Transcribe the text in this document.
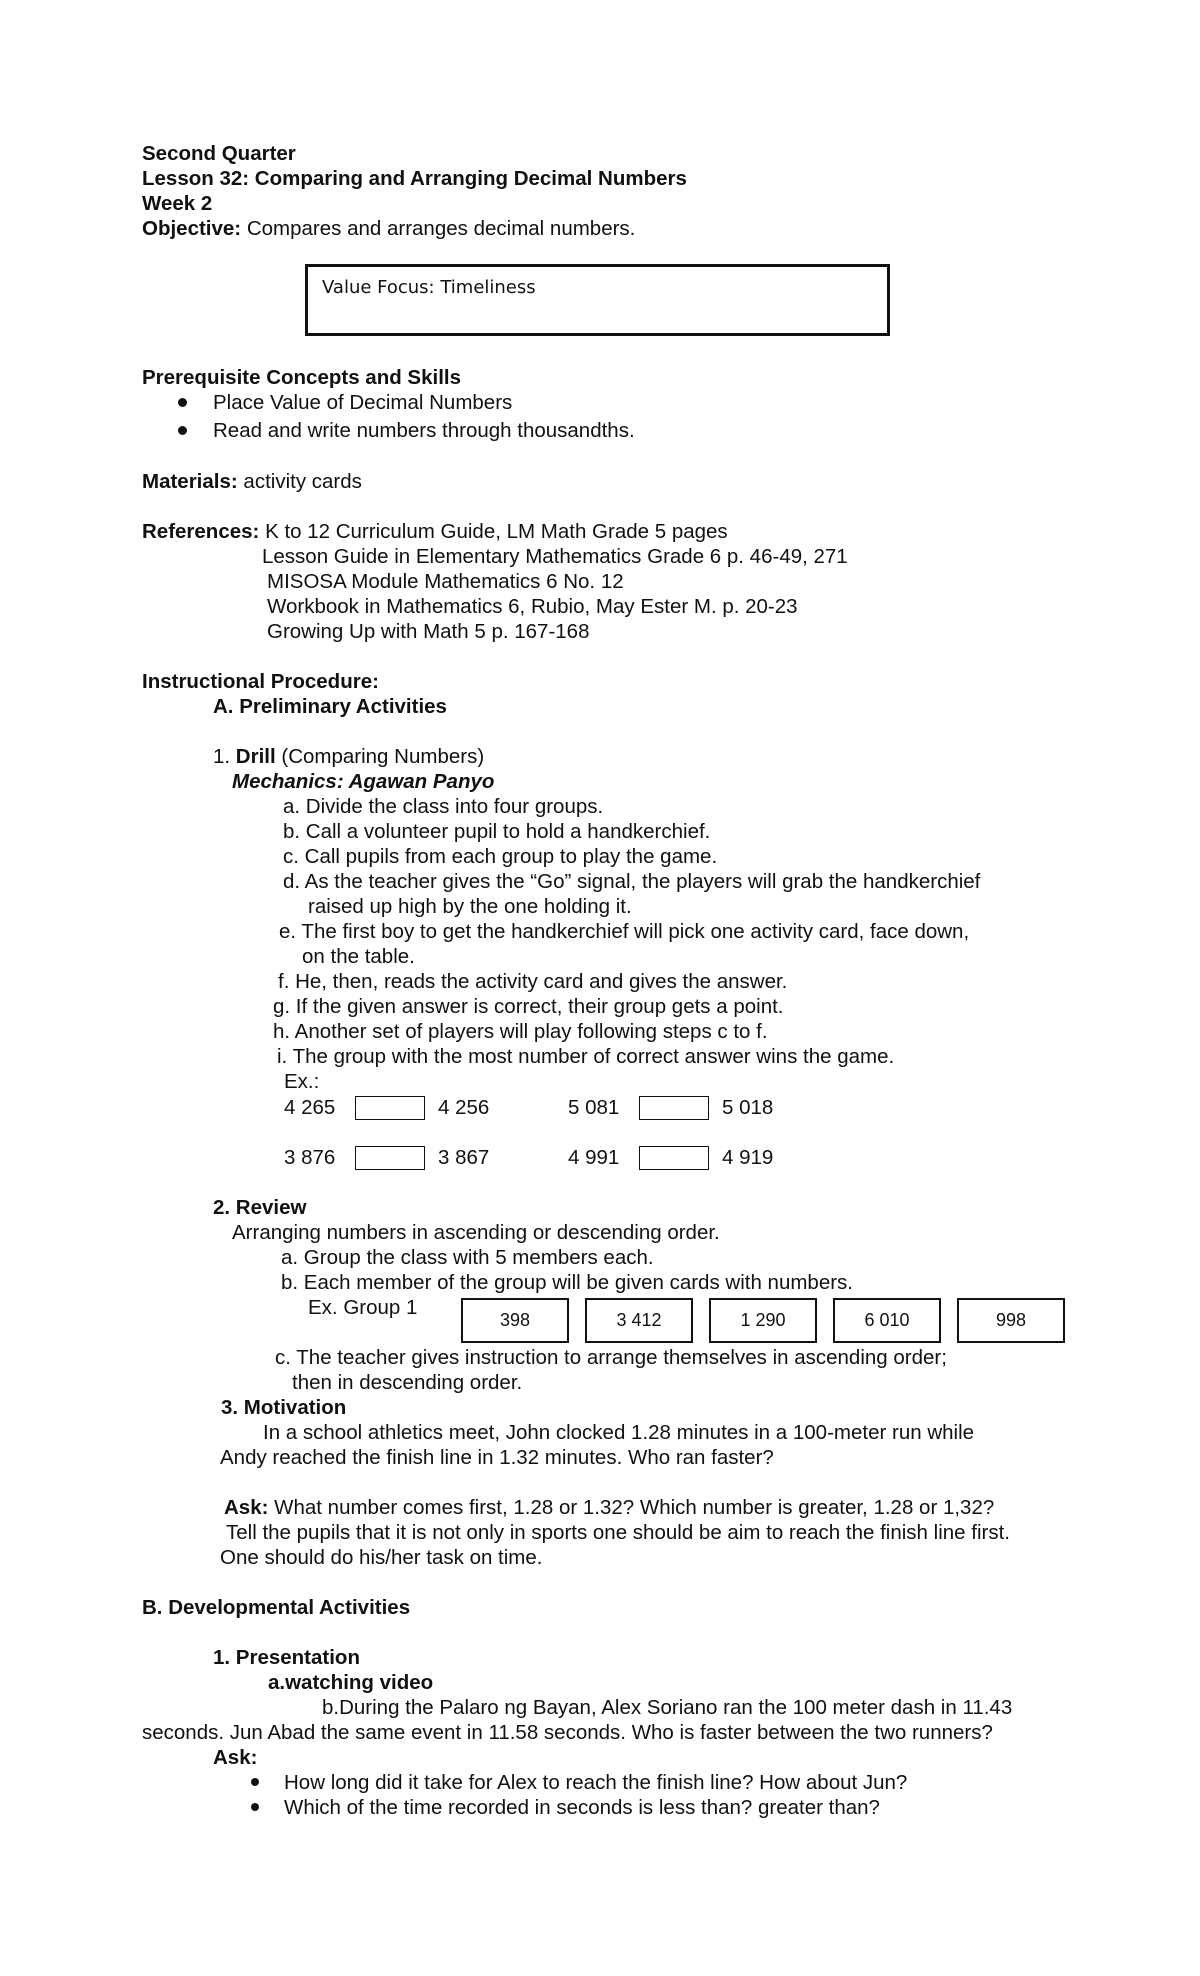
Second Quarter
Lesson 32: Comparing and Arranging Decimal Numbers
Week 2
Objective: Compares and arranges decimal numbers.
Value Focus: Timeliness
Prerequisite Concepts and Skills
Place Value of Decimal Numbers
Read and write numbers through thousandths.
Materials: activity cards
References: K to 12 Curriculum Guide, LM Math Grade 5 pages
Lesson Guide in Elementary Mathematics Grade 6 p. 46-49, 271
MISOSA Module Mathematics 6 No. 12
Workbook in Mathematics 6, Rubio, May Ester M. p. 20-23
Growing Up with Math 5 p. 167-168
Instructional Procedure:
A. Preliminary Activities
1. Drill (Comparing Numbers)
Mechanics: Agawan Panyo
a. Divide the class into four groups.
b. Call a volunteer pupil to hold a handkerchief.
c. Call pupils from each group to play the game.
d. As the teacher gives the “Go” signal, the players will grab the handkerchief
raised up high by the one holding it.
e. The first boy to get the handkerchief will pick one activity card, face down,
on the table.
f. He, then, reads the activity card and gives the answer.
g. If the given answer is correct, their group gets a point.
h. Another set of players will play following steps c to f.
i. The group with the most number of correct answer wins the game.
Ex.:
4 265	4 256	5 081	5 018
3 876	3 867	4 991	4 919
2. Review
Arranging numbers in ascending or descending order.
a. Group the class with 5 members each.
b. Each member of the group will be given cards with numbers.
Ex. Group 1
398	3 412	1 290	6 010	998
c. The teacher gives instruction to arrange themselves in ascending order;
then in descending order.
3. Motivation
In a school athletics meet, John clocked 1.28 minutes in a 100-meter run while
Andy reached the finish line in 1.32 minutes. Who ran faster?
Ask: What number comes first, 1.28 or 1.32? Which number is greater, 1.28 or 1,32?
Tell the pupils that it is not only in sports one should be aim to reach the finish line first.
One should do his/her task on time.
B. Developmental Activities
1. Presentation
a.watching video
b.During the Palaro ng Bayan, Alex Soriano ran the 100 meter dash in 11.43
seconds. Jun Abad the same event in 11.58 seconds. Who is faster between the two runners?
Ask:
How long did it take for Alex to reach the finish line? How about Jun?
Which of the time recorded in seconds is less than? greater than?
